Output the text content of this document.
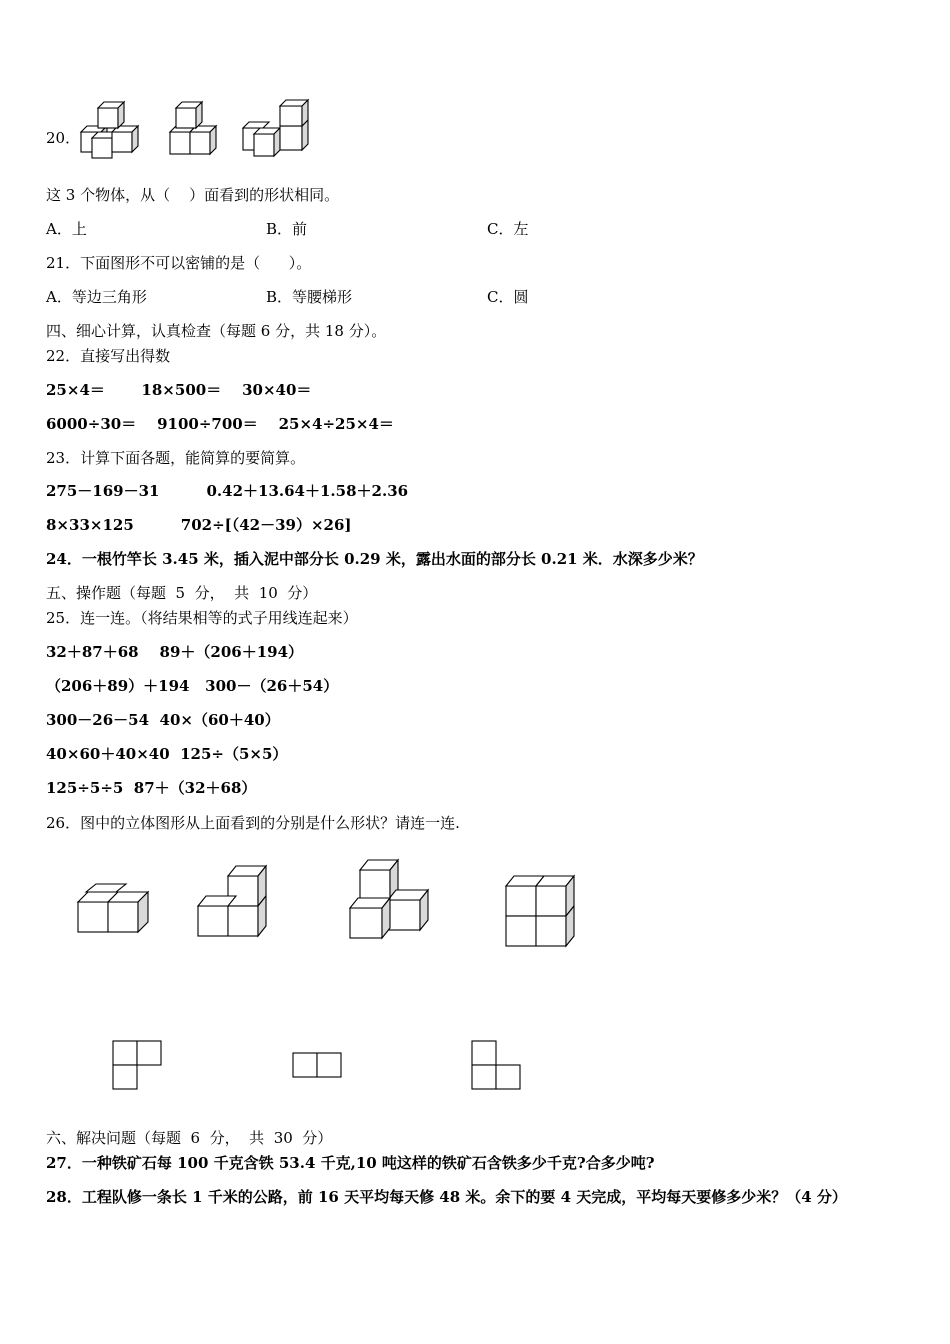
20．
这 3 个物体，从（    ）面看到的形状相同。
A．上	B．前	C．左
21．下面图形不可以密铺的是（      ）。
A．等边三角形	B．等腰梯形	C．圆
四、细心计算，认真检查（每题 6 分，共 18 分）。
22．直接写出得数
25×4＝       18×500＝    30×40＝
6000÷30＝    9100÷700＝    25×4÷25×4＝
23．计算下面各题，能简算的要简算。
275－169－31         0.42＋13.64＋1.58＋2.36
8×33×125         702÷[（42－39）×26]
24．一根竹竿长 3.45 米，插入泥中部分长 0.29 米，露出水面的部分长 0.21 米．水深多少米？
五、操作题（每题  5  分，  共  10  分）
25．连一连。（将结果相等的式子用线连起来）
32＋87＋68    89＋（206＋194）
（206＋89）＋194   300－（26＋54）
300－26－54  40×（60＋40）
40×60＋40×40  125÷（5×5）
125÷5÷5  87＋（32＋68）
26．图中的立体图形从上面看到的分别是什么形状？请连一连.
六、解决问题（每题  6  分，  共  30  分）
27．一种铁矿石每 100 千克含铁 53.4 千克,10 吨这样的铁矿石含铁多少千克?合多少吨?
28．工程队修一条长 1 千米的公路，前 16 天平均每天修 48 米。余下的要 4 天完成，平均每天要修多少米？（4 分）
